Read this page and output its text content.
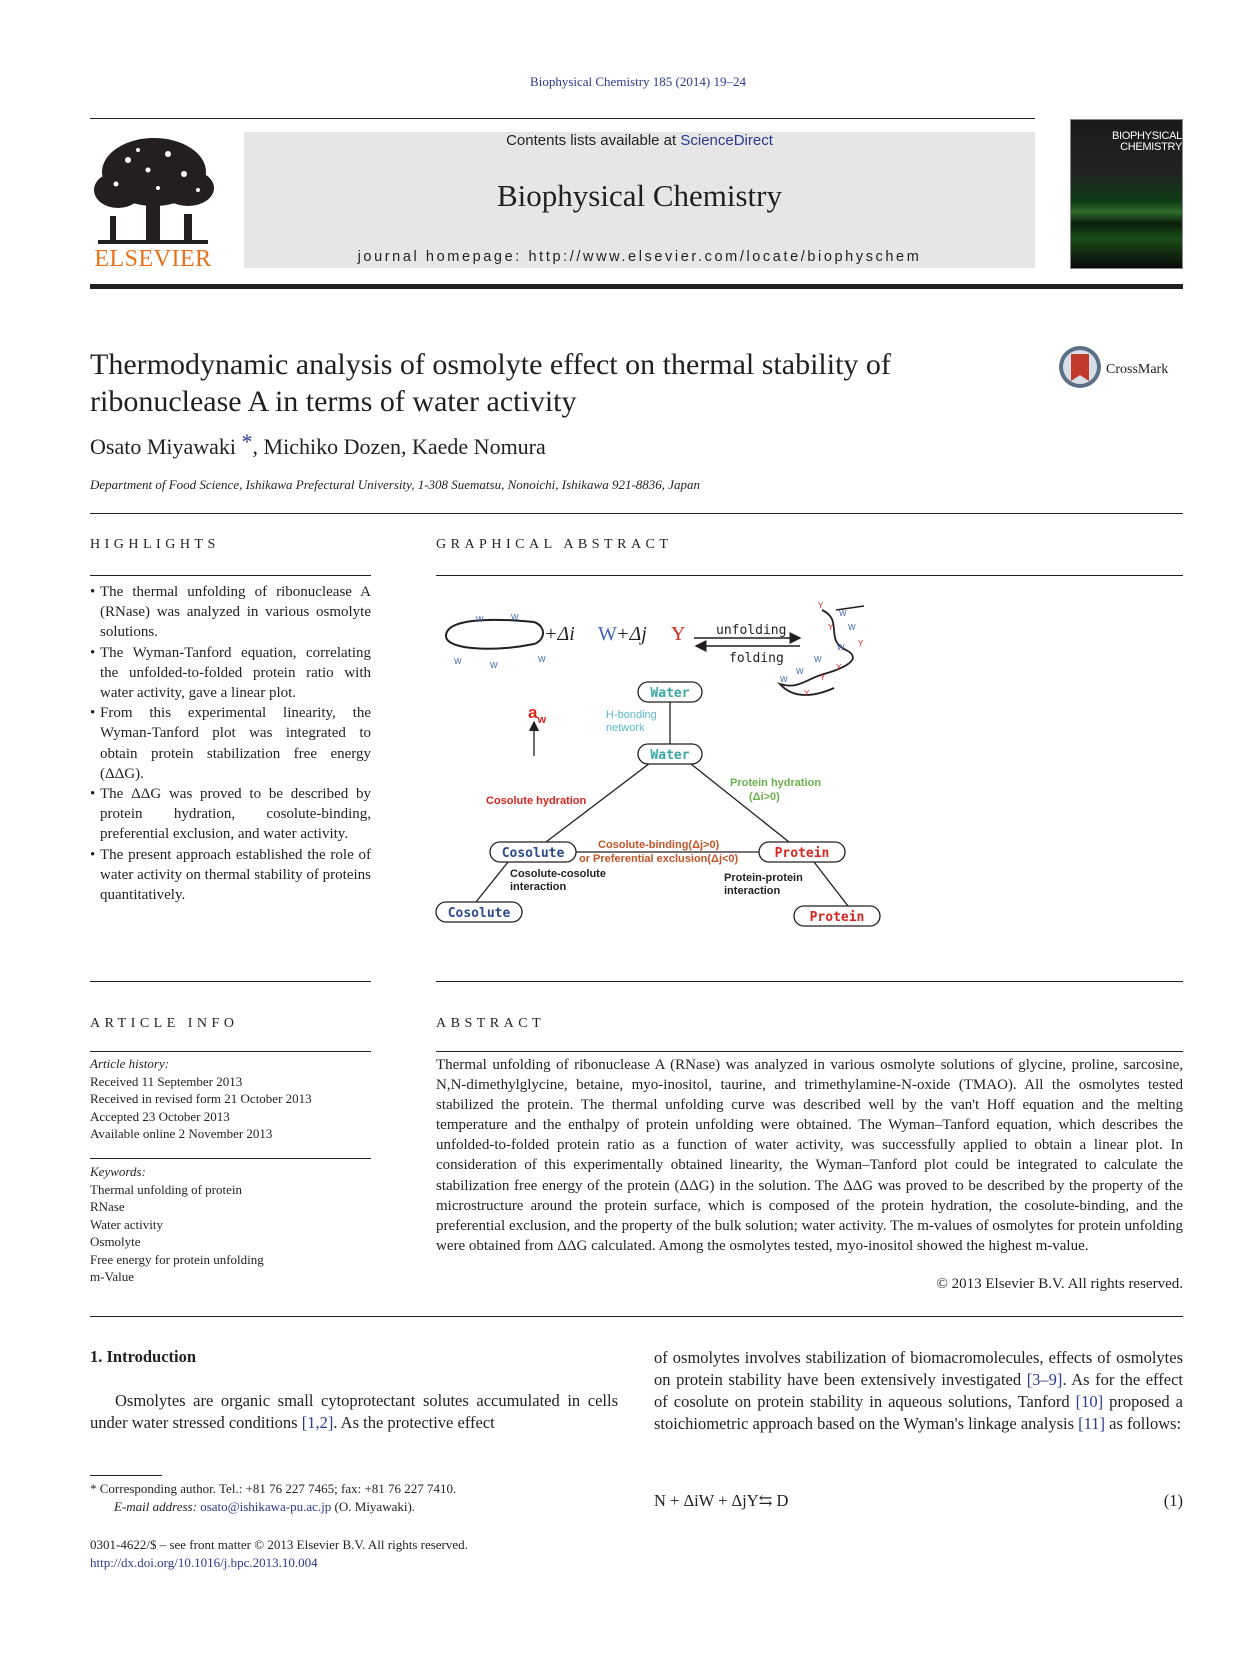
Biophysical Chemistry 185 (2014) 19–24
ELSEVIER
Contents lists available at ScienceDirect
Biophysical Chemistry
journal homepage: http://www.elsevier.com/locate/biophyschem
BIOPHYSICAL
CHEMISTRY
Thermodynamic analysis of osmolyte effect on thermal stability of
ribonuclease A in terms of water activity
CrossMark
Osato Miyawaki *, Michiko Dozen, Kaede Nomura
Department of Food Science, Ishikawa Prefectural University, 1-308 Suematsu, Nonoichi, Ishikawa 921-8836, Japan
HIGHLIGHTS
• The thermal unfolding of ribonuclease A (RNase) was analyzed in various osmolyte solutions.
• The Wyman-Tanford equation, correlating the unfolded-to-folded protein ratio with water activity, gave a linear plot.
• From this experimental linearity, the Wyman-Tanford plot was integrated to obtain protein stabilization free energy (ΔΔG).
• The ΔΔG was proved to be described by protein hydration, cosolute-binding, preferential exclusion, and water activity.
• The present approach established the role of water activity on thermal stability of proteins quantitatively.
GRAPHICAL ABSTRACT
W	W
W	W
W
+Δi W +Δj Y unfolding
folding
Y
W
Y W
Y
W
W
Y
W
Y
W
Y
Water
H-bonding
network
$a_w$
Water
Cosolute hydration
Protein hydration
(Δi>0)
Cosolute	Protein
Cosolute-binding(Δj>0)
or Preferential exclusion(Δj<0)
Cosolute-cosolute
interaction
Protein-protein
interaction
Cosolute	Protein
ARTICLE INFO
Article history:
Received 11 September 2013
Received in revised form 21 October 2013
Accepted 23 October 2013
Available online 2 November 2013
Keywords:
Thermal unfolding of protein
RNase
Water activity
Osmolyte
Free energy for protein unfolding
m-Value
ABSTRACT
Thermal unfolding of ribonuclease A (RNase) was analyzed in various osmolyte solutions of glycine, proline, sarcosine, N,N-dimethylglycine, betaine, myo-inositol, taurine, and trimethylamine-N-oxide (TMAO). All the osmolytes tested stabilized the protein. The thermal unfolding curve was described well by the van't Hoff equation and the melting temperature and the enthalpy of protein unfolding were obtained. The Wyman–Tanford equation, which describes the unfolded-to-folded protein ratio as a function of water activity, was successfully applied to obtain a linear plot. In consideration of this experimentally obtained linearity, the Wyman–Tanford plot could be integrated to calculate the stabilization free energy of the protein (ΔΔG) in the solution. The ΔΔG was proved to be described by the property of the microstructure around the protein surface, which is composed of the protein hydration, the cosolute-binding, and the preferential exclusion, and the property of the bulk solution; water activity. The m-values of osmolytes for protein unfolding were obtained from ΔΔG calculated. Among the osmolytes tested, myo-inositol showed the highest m-value.
© 2013 Elsevier B.V. All rights reserved.
1. Introduction
Osmolytes are organic small cytoprotectant solutes accumulated in cells under water stressed conditions [1,2]. As the protective effect
of osmolytes involves stabilization of biomacromolecules, effects of osmolytes on protein stability have been extensively investigated [3–9]. As for the effect of cosolute on protein stability in aqueous solutions, Tanford [10] proposed a stoichiometric approach based on the Wyman's linkage analysis [11] as follows:
* Corresponding author. Tel.: +81 76 227 7465; fax: +81 76 227 7410.
E-mail address: osato@ishikawa-pu.ac.jp (O. Miyawaki).	N + ΔiW + ΔjY⇆ D	(1)
0301-4622/$ – see front matter © 2013 Elsevier B.V. All rights reserved.
http://dx.doi.org/10.1016/j.bpc.2013.10.004
